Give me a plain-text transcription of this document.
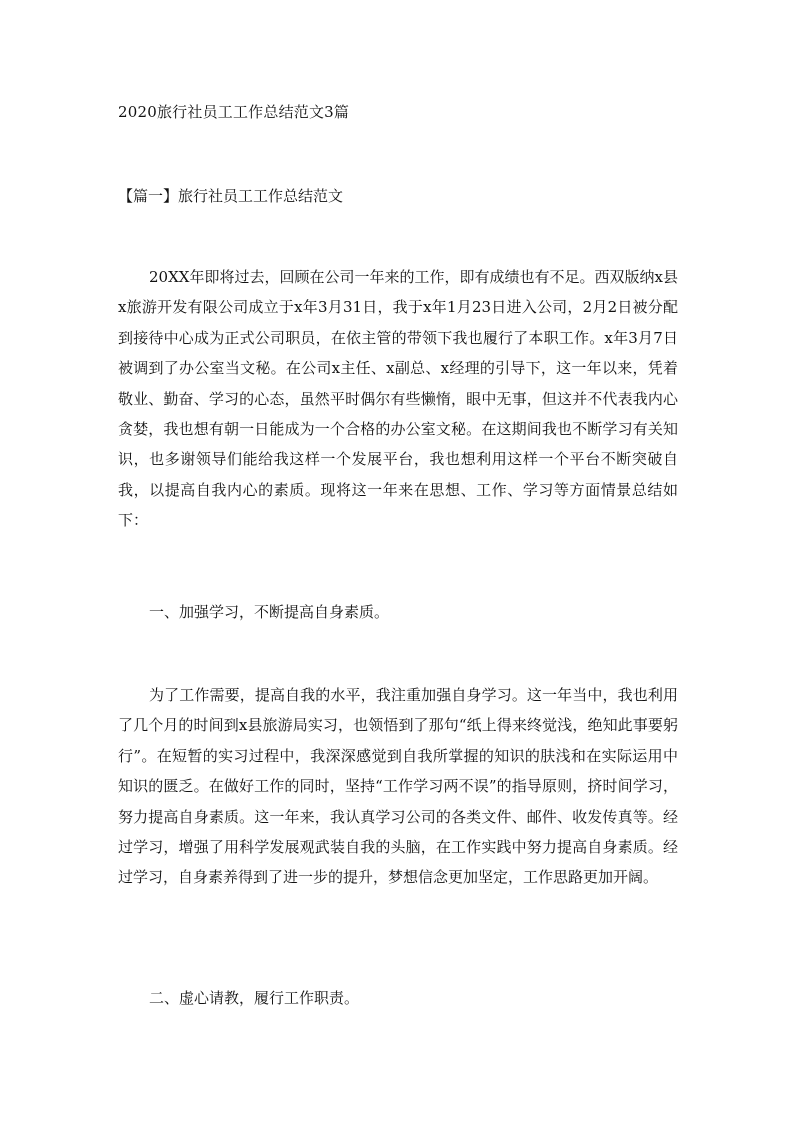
2020旅行社员工工作总结范文3篇
【篇一】旅行社员工工作总结范文

20XX年即将过去，回顾在公司一年来的工作，即有成绩也有不足。西双版纳x县x旅游开发有限公司成立于x年3月31日，我于x年1月23日进入公司，2月2日被分配到接待中心成为正式公司职员，在依主管的带领下我也履行了本职工作。x年3月7日被调到了办公室当文秘。在公司x主任、x副总、x经理的引导下，这一年以来，凭着敬业、勤奋、学习的心态，虽然平时偶尔有些懒惰，眼中无事，但这并不代表我内心贪婪，我也想有朝一日能成为一个合格的办公室文秘。在这期间我也不断学习有关知识，也多谢领导们能给我这样一个发展平台，我也想利用这样一个平台不断突破自我，以提高自我内心的素质。现将这一年来在思想、工作、学习等方面情景总结如下：

一、加强学习，不断提高自身素质。

为了工作需要，提高自我的水平，我注重加强自身学习。这一年当中，我也利用了几个月的时间到x县旅游局实习，也领悟到了那句“纸上得来终觉浅，绝知此事要躬行”。在短暂的实习过程中，我深深感觉到自我所掌握的知识的肤浅和在实际运用中知识的匮乏。在做好工作的同时，坚持“工作学习两不误”的指导原则，挤时间学习，努力提高自身素质。这一年来，我认真学习公司的各类文件、邮件、收发传真等。经过学习，增强了用科学发展观武装自我的头脑，在工作实践中努力提高自身素质。经过学习，自身素养得到了进一步的提升，梦想信念更加坚定，工作思路更加开阔。

二、虚心请教，履行工作职责。
